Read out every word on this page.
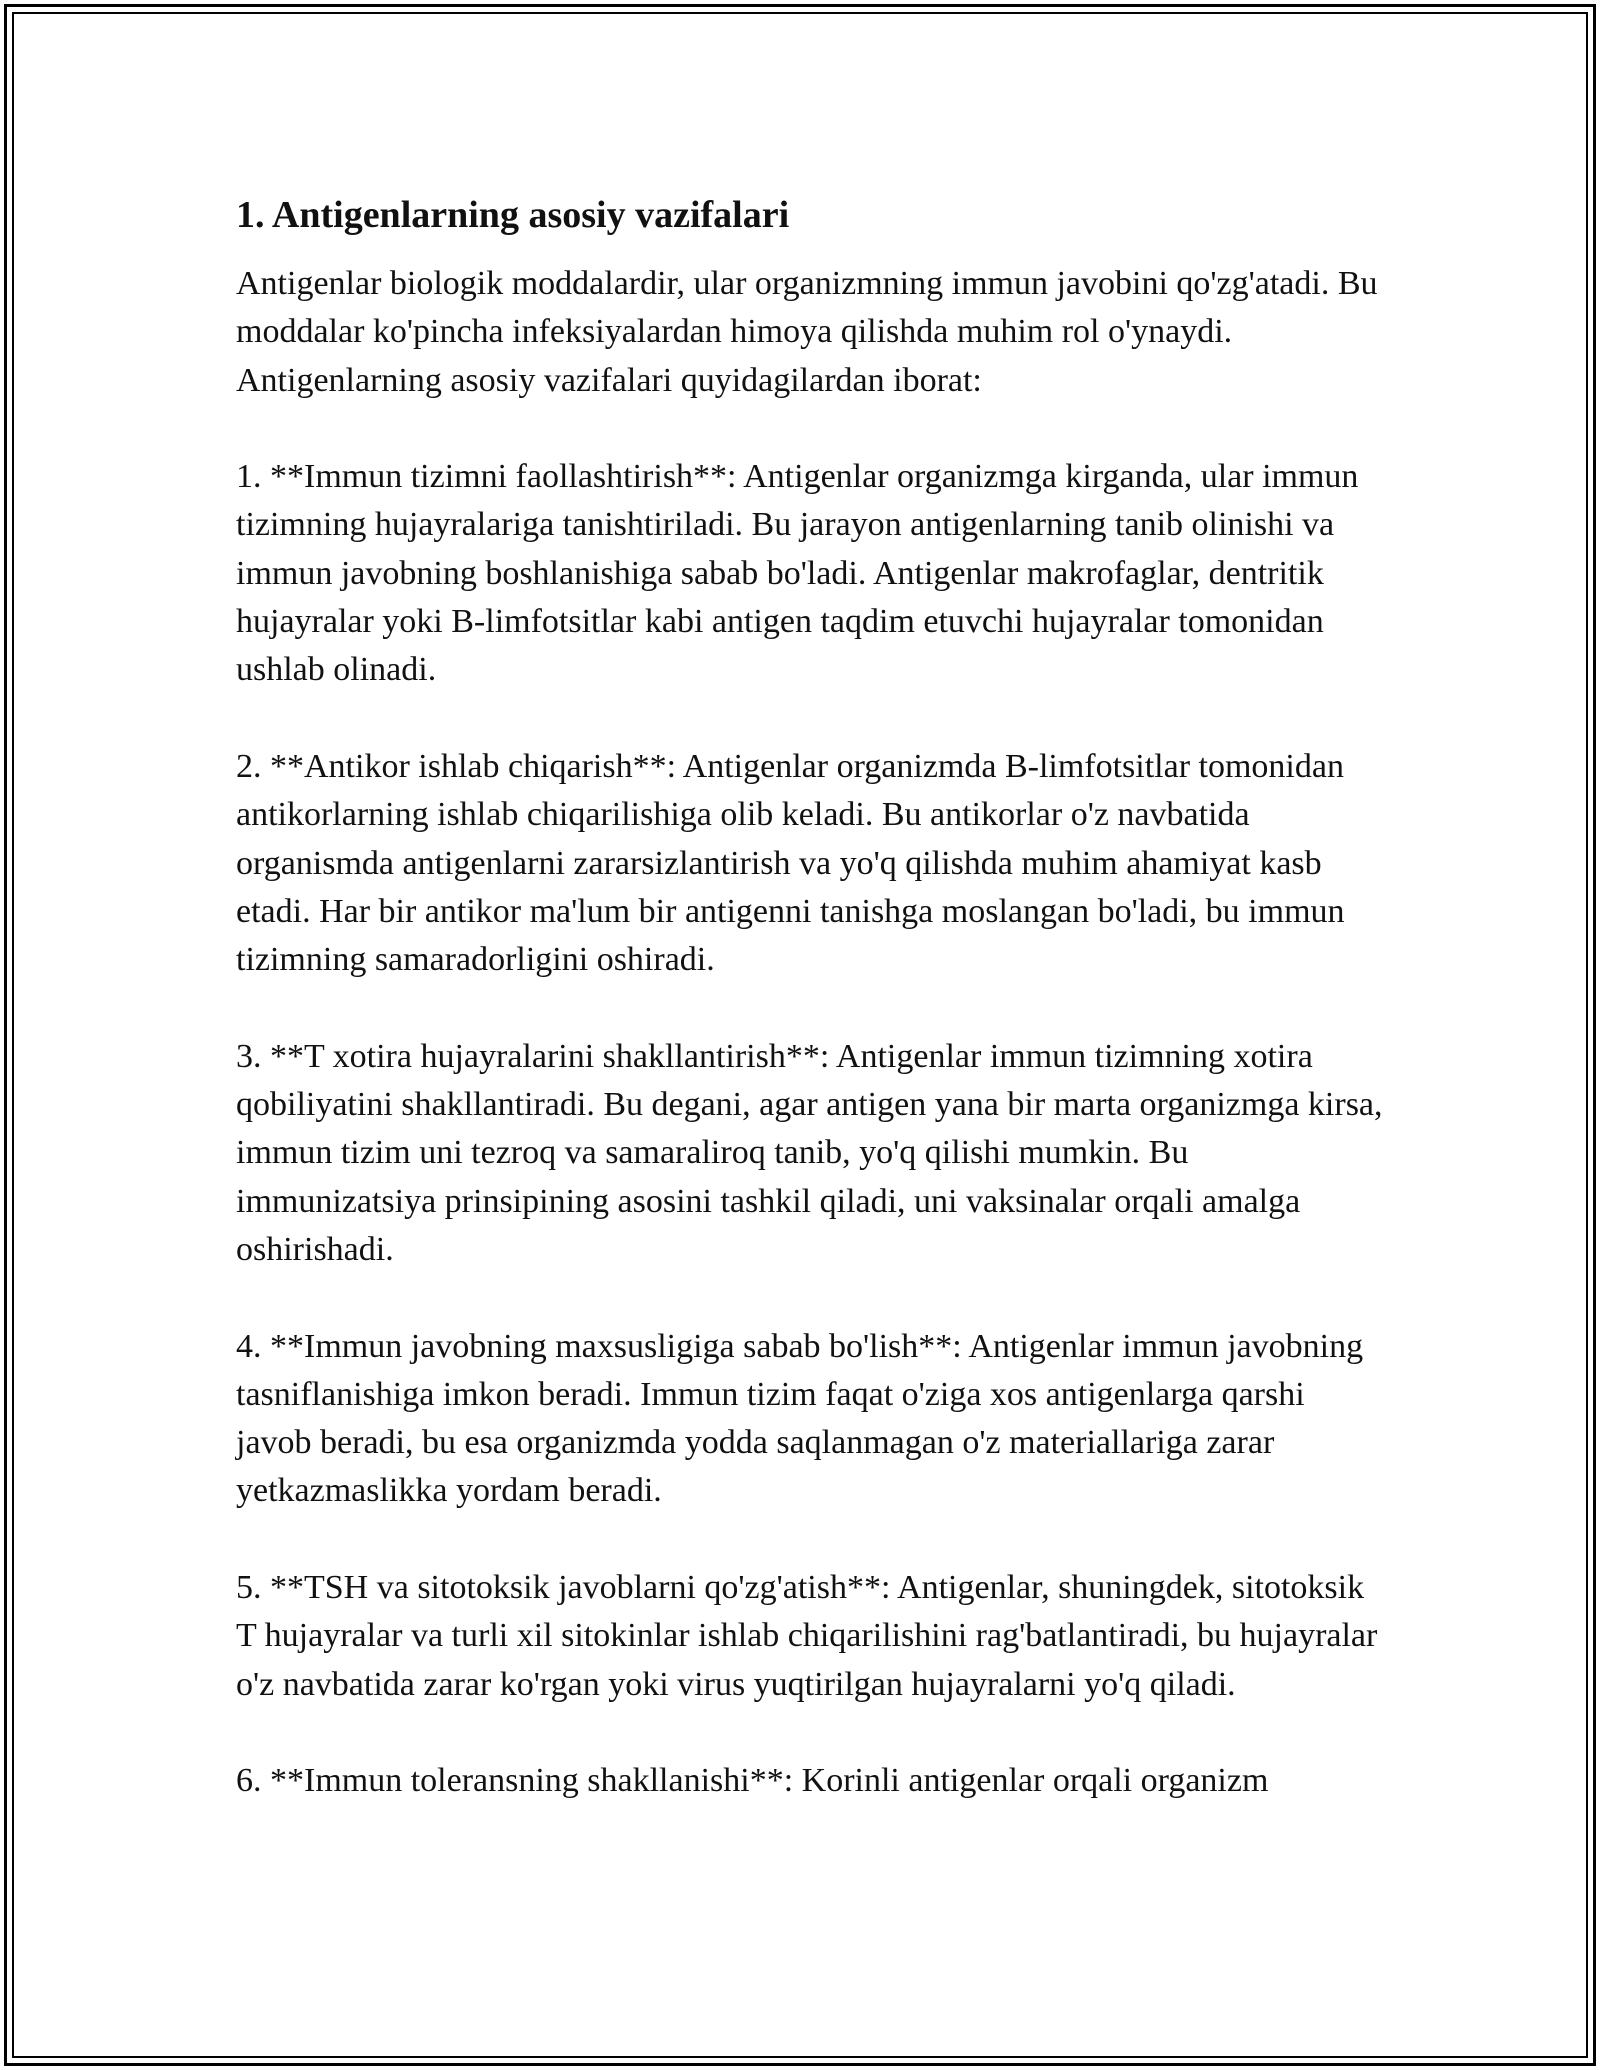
1. Antigenlarning asosiy vazifalari

Antigenlar biologik moddalardir, ular organizmning immun javobini qo'zg'atadi. Bu moddalar ko'pincha infeksiyalardan himoya qilishda muhim rol o'ynaydi. Antigenlarning asosiy vazifalari quyidagilardan iborat:

1. **Immun tizimni faollashtirish**: Antigenlar organizmga kirganda, ular immun tizimning hujayralariga tanishtiriladi. Bu jarayon antigenlarning tanib olinishi va immun javobning boshlanishiga sabab bo'ladi. Antigenlar makrofaglar, dentritik hujayralar yoki B-limfotsitlar kabi antigen taqdim etuvchi hujayralar tomonidan ushlab olinadi.

2. **Antikor ishlab chiqarish**: Antigenlar organizmda B-limfotsitlar tomonidan antikorlarning ishlab chiqarilishiga olib keladi. Bu antikorlar o'z navbatida organismda antigenlarni zararsizlantirish va yo'q qilishda muhim ahamiyat kasb etadi. Har bir antikor ma'lum bir antigenni tanishga moslangan bo'ladi, bu immun tizimning samaradorligini oshiradi.

3. **T xotira hujayralarini shakllantirish**: Antigenlar immun tizimning xotira qobiliyatini shakllantiradi. Bu degani, agar antigen yana bir marta organizmga kirsa, immun tizim uni tezroq va samaraliroq tanib, yo'q qilishi mumkin. Bu immunizatsiya prinsipining asosini tashkil qiladi, uni vaksinalar orqali amalga oshirishadi.

4. **Immun javobning maxsusligiga sabab bo'lish**: Antigenlar immun javobning tasniflanishiga imkon beradi. Immun tizim faqat o'ziga xos antigenlarga qarshi javob beradi, bu esa organizmda yodda saqlanmagan o'z materiallariga zarar yetkazmaslikka yordam beradi.

5. **TSH va sitotoksik javoblarni qo'zg'atish**: Antigenlar, shuningdek, sitotoksik T hujayralar va turli xil sitokinlar ishlab chiqarilishini rag'batlantiradi, bu hujayralar o'z navbatida zarar ko'rgan yoki virus yuqtirilgan hujayralarni yo'q qiladi.

6. **Immun toleransning shakllanishi**: Korinli antigenlar orqali organizm
